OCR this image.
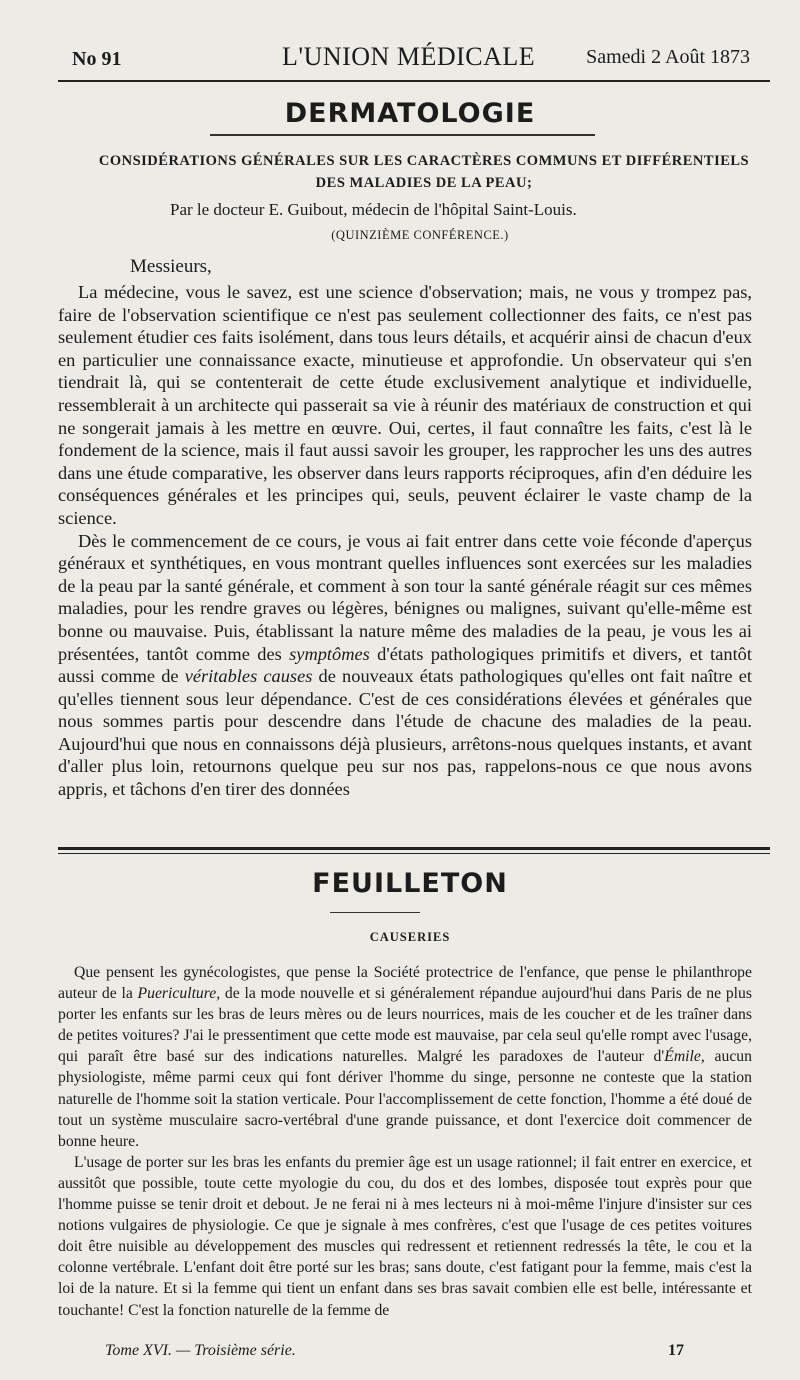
No 91	L'UNION MÉDICALE	Samedi 2 Août 1873
DERMATOLOGIE
CONSIDÉRATIONS GÉNÉRALES SUR LES CARACTÈRES COMMUNS ET DIFFÉRENTIELS
DES MALADIES DE LA PEAU;
Par le docteur E. Guibout, médecin de l'hôpital Saint-Louis.
(QUINZIÈME CONFÉRENCE.)
Messieurs,

La médecine, vous le savez, est une science d'observation; mais, ne vous y trompez pas, faire de l'observation scientifique ce n'est pas seulement collectionner des faits, ce n'est pas seulement étudier ces faits isolément, dans tous leurs détails, et acquérir ainsi de chacun d'eux en particulier une connaissance exacte, minutieuse et approfondie. Un observateur qui s'en tiendrait là, qui se contenterait de cette étude exclusivement analytique et individuelle, ressemblerait à un architecte qui passerait sa vie à réunir des matériaux de construction et qui ne songerait jamais à les mettre en œuvre. Oui, certes, il faut connaître les faits, c'est là le fondement de la science, mais il faut aussi savoir les grouper, les rapprocher les uns des autres dans une étude comparative, les observer dans leurs rapports réciproques, afin d'en déduire les conséquences générales et les principes qui, seuls, peuvent éclairer le vaste champ de la science.

Dès le commencement de ce cours, je vous ai fait entrer dans cette voie féconde d'aperçus généraux et synthétiques, en vous montrant quelles influences sont exercées sur les maladies de la peau par la santé générale, et comment à son tour la santé générale réagit sur ces mêmes maladies, pour les rendre graves ou légères, bénignes ou malignes, suivant qu'elle-même est bonne ou mauvaise. Puis, établissant la nature même des maladies de la peau, je vous les ai présentées, tantôt comme des symptômes d'états pathologiques primitifs et divers, et tantôt aussi comme de véritables causes de nouveaux états pathologiques qu'elles ont fait naître et qu'elles tiennent sous leur dépendance. C'est de ces considérations élevées et générales que nous sommes partis pour descendre dans l'étude de chacune des maladies de la peau. Aujourd'hui que nous en connaissons déjà plusieurs, arrêtons-nous quelques instants, et avant d'aller plus loin, retournons quelque peu sur nos pas, rappelons-nous ce que nous avons appris, et tâchons d'en tirer des données

FEUILLETON
CAUSERIES

Que pensent les gynécologistes, que pense la Société protectrice de l'enfance, que pense le philanthrope auteur de la Puericulture, de la mode nouvelle et si généralement répandue aujourd'hui dans Paris de ne plus porter les enfants sur les bras de leurs mères ou de leurs nourrices, mais de les coucher et de les traîner dans de petites voitures? J'ai le pressentiment que cette mode est mauvaise, par cela seul qu'elle rompt avec l'usage, qui paraît être basé sur des indications naturelles. Malgré les paradoxes de l'auteur d'Émile, aucun physiologiste, même parmi ceux qui font dériver l'homme du singe, personne ne conteste que la station naturelle de l'homme soit la station verticale. Pour l'accomplissement de cette fonction, l'homme a été doué de tout un système musculaire sacro-vertébral d'une grande puissance, et dont l'exercice doit commencer de bonne heure.

L'usage de porter sur les bras les enfants du premier âge est un usage rationnel; il fait entrer en exercice, et aussitôt que possible, toute cette myologie du cou, du dos et des lombes, disposée tout exprès pour que l'homme puisse se tenir droit et debout. Je ne ferai ni à mes lecteurs ni à moi-même l'injure d'insister sur ces notions vulgaires de physiologie. Ce que je signale à mes confrères, c'est que l'usage de ces petites voitures doit être nuisible au développement des muscles qui redressent et retiennent redressés la tête, le cou et la colonne vertébrale. L'enfant doit être porté sur les bras; sans doute, c'est fatigant pour la femme, mais c'est la loi de la nature. Et si la femme qui tient un enfant dans ses bras savait combien elle est belle, intéressante et touchante! C'est la fonction naturelle de la femme de

Tome XVI. — Troisième série.	17
